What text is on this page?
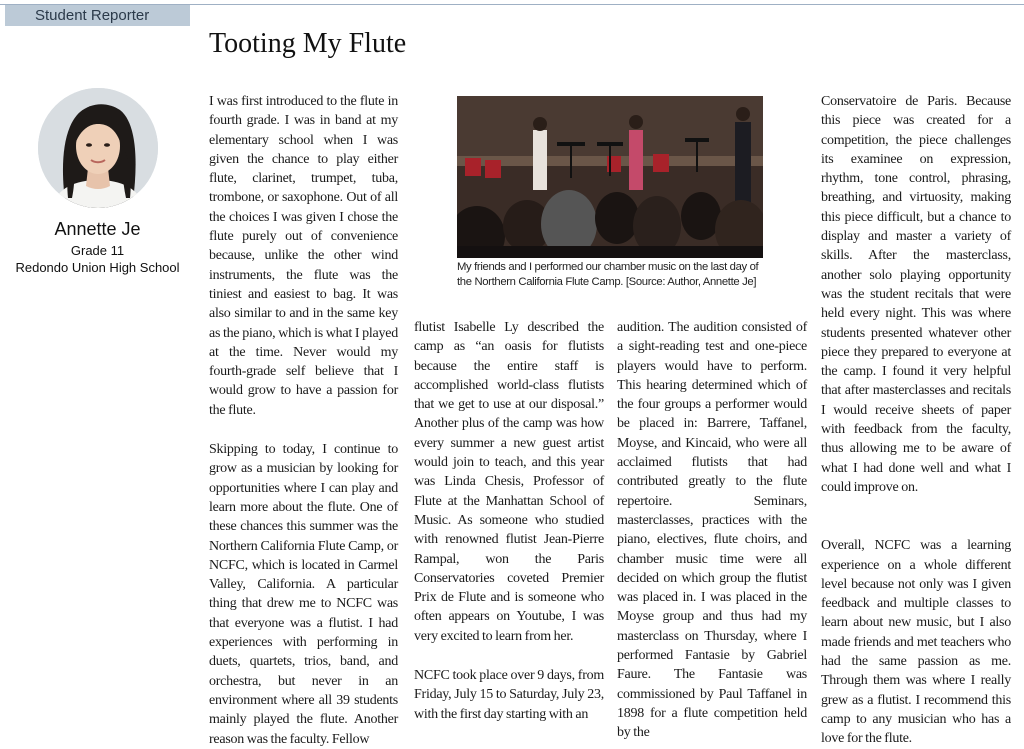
Student Reporter
Tooting My Flute
Annette Je
Grade 11
Redondo Union High School

I was first introduced to the flute in fourth grade. I was in band at my elementary school when I was given the chance to play either flute, clarinet, trumpet, tuba, trombone, or saxophone. Out of all the choices I was given I chose the flute purely out of convenience because, unlike the other wind instruments, the flute was the tiniest and easiest to bag. It was also similar to and in the same key as the piano, which is what I played at the time. Never would my fourth-grade self believe that I would grow to have a passion for the flute.

Skipping to today, I continue to grow as a musician by looking for opportunities where I can play and learn more about the flute. One of these chances this summer was the Northern California Flute Camp, or NCFC, which is located in Carmel Valley, California. A particular thing that drew me to NCFC was that everyone was a flutist. I had experiences with performing in duets, quartets, trios, band, and orchestra, but never in an environment where all 39 students mainly played the flute. Another reason was the faculty. Fellow

My friends and I performed our chamber music on the last day of the Northern California Flute Camp. [Source: Author, Annette Je]

flutist Isabelle Ly described the camp as “an oasis for flutists because the entire staff is accomplished world-class flutists that we get to use at our disposal.” Another plus of the camp was how every summer a new guest artist would join to teach, and this year was Linda Chesis, Professor of Flute at the Manhattan School of Music. As someone who studied with renowned flutist Jean-Pierre Rampal, won the Paris Conservatories coveted Premier Prix de Flute and is someone who often appears on Youtube, I was very excited to learn from her.

NCFC took place over 9 days, from Friday, July 15 to Saturday, July 23, with the first day starting with an

audition. The audition consisted of a sight-reading test and one-piece players would have to perform. This hearing determined which of the four groups a performer would be placed in: Barrere, Taffanel, Moyse, and Kincaid, who were all acclaimed flutists that had contributed greatly to the flute repertoire. Seminars, masterclasses, practices with the piano, electives, flute choirs, and chamber music time were all decided on which group the flutist was placed in. I was placed in the Moyse group and thus had my masterclass on Thursday, where I performed Fantasie by Gabriel Faure. The Fantasie was commissioned by Paul Taffanel in 1898 for a flute competition held by the

Conservatoire de Paris. Because this piece was created for a competition, the piece challenges its examinee on expression, rhythm, tone control, phrasing, breathing, and virtuosity, making this piece difficult, but a chance to display and master a variety of skills. After the masterclass, another solo playing opportunity was the student recitals that were held every night. This was where students presented whatever other piece they prepared to everyone at the camp. I found it very helpful that after masterclasses and recitals I would receive sheets of paper with feedback from the faculty, thus allowing me to be aware of what I had done well and what I could improve on.

Overall, NCFC was a learning experience on a whole different level because not only was I given feedback and multiple classes to learn about new music, but I also made friends and met teachers who had the same passion as me. Through them was where I really grew as a flutist. I recommend this camp to any musician who has a love for the flute.
